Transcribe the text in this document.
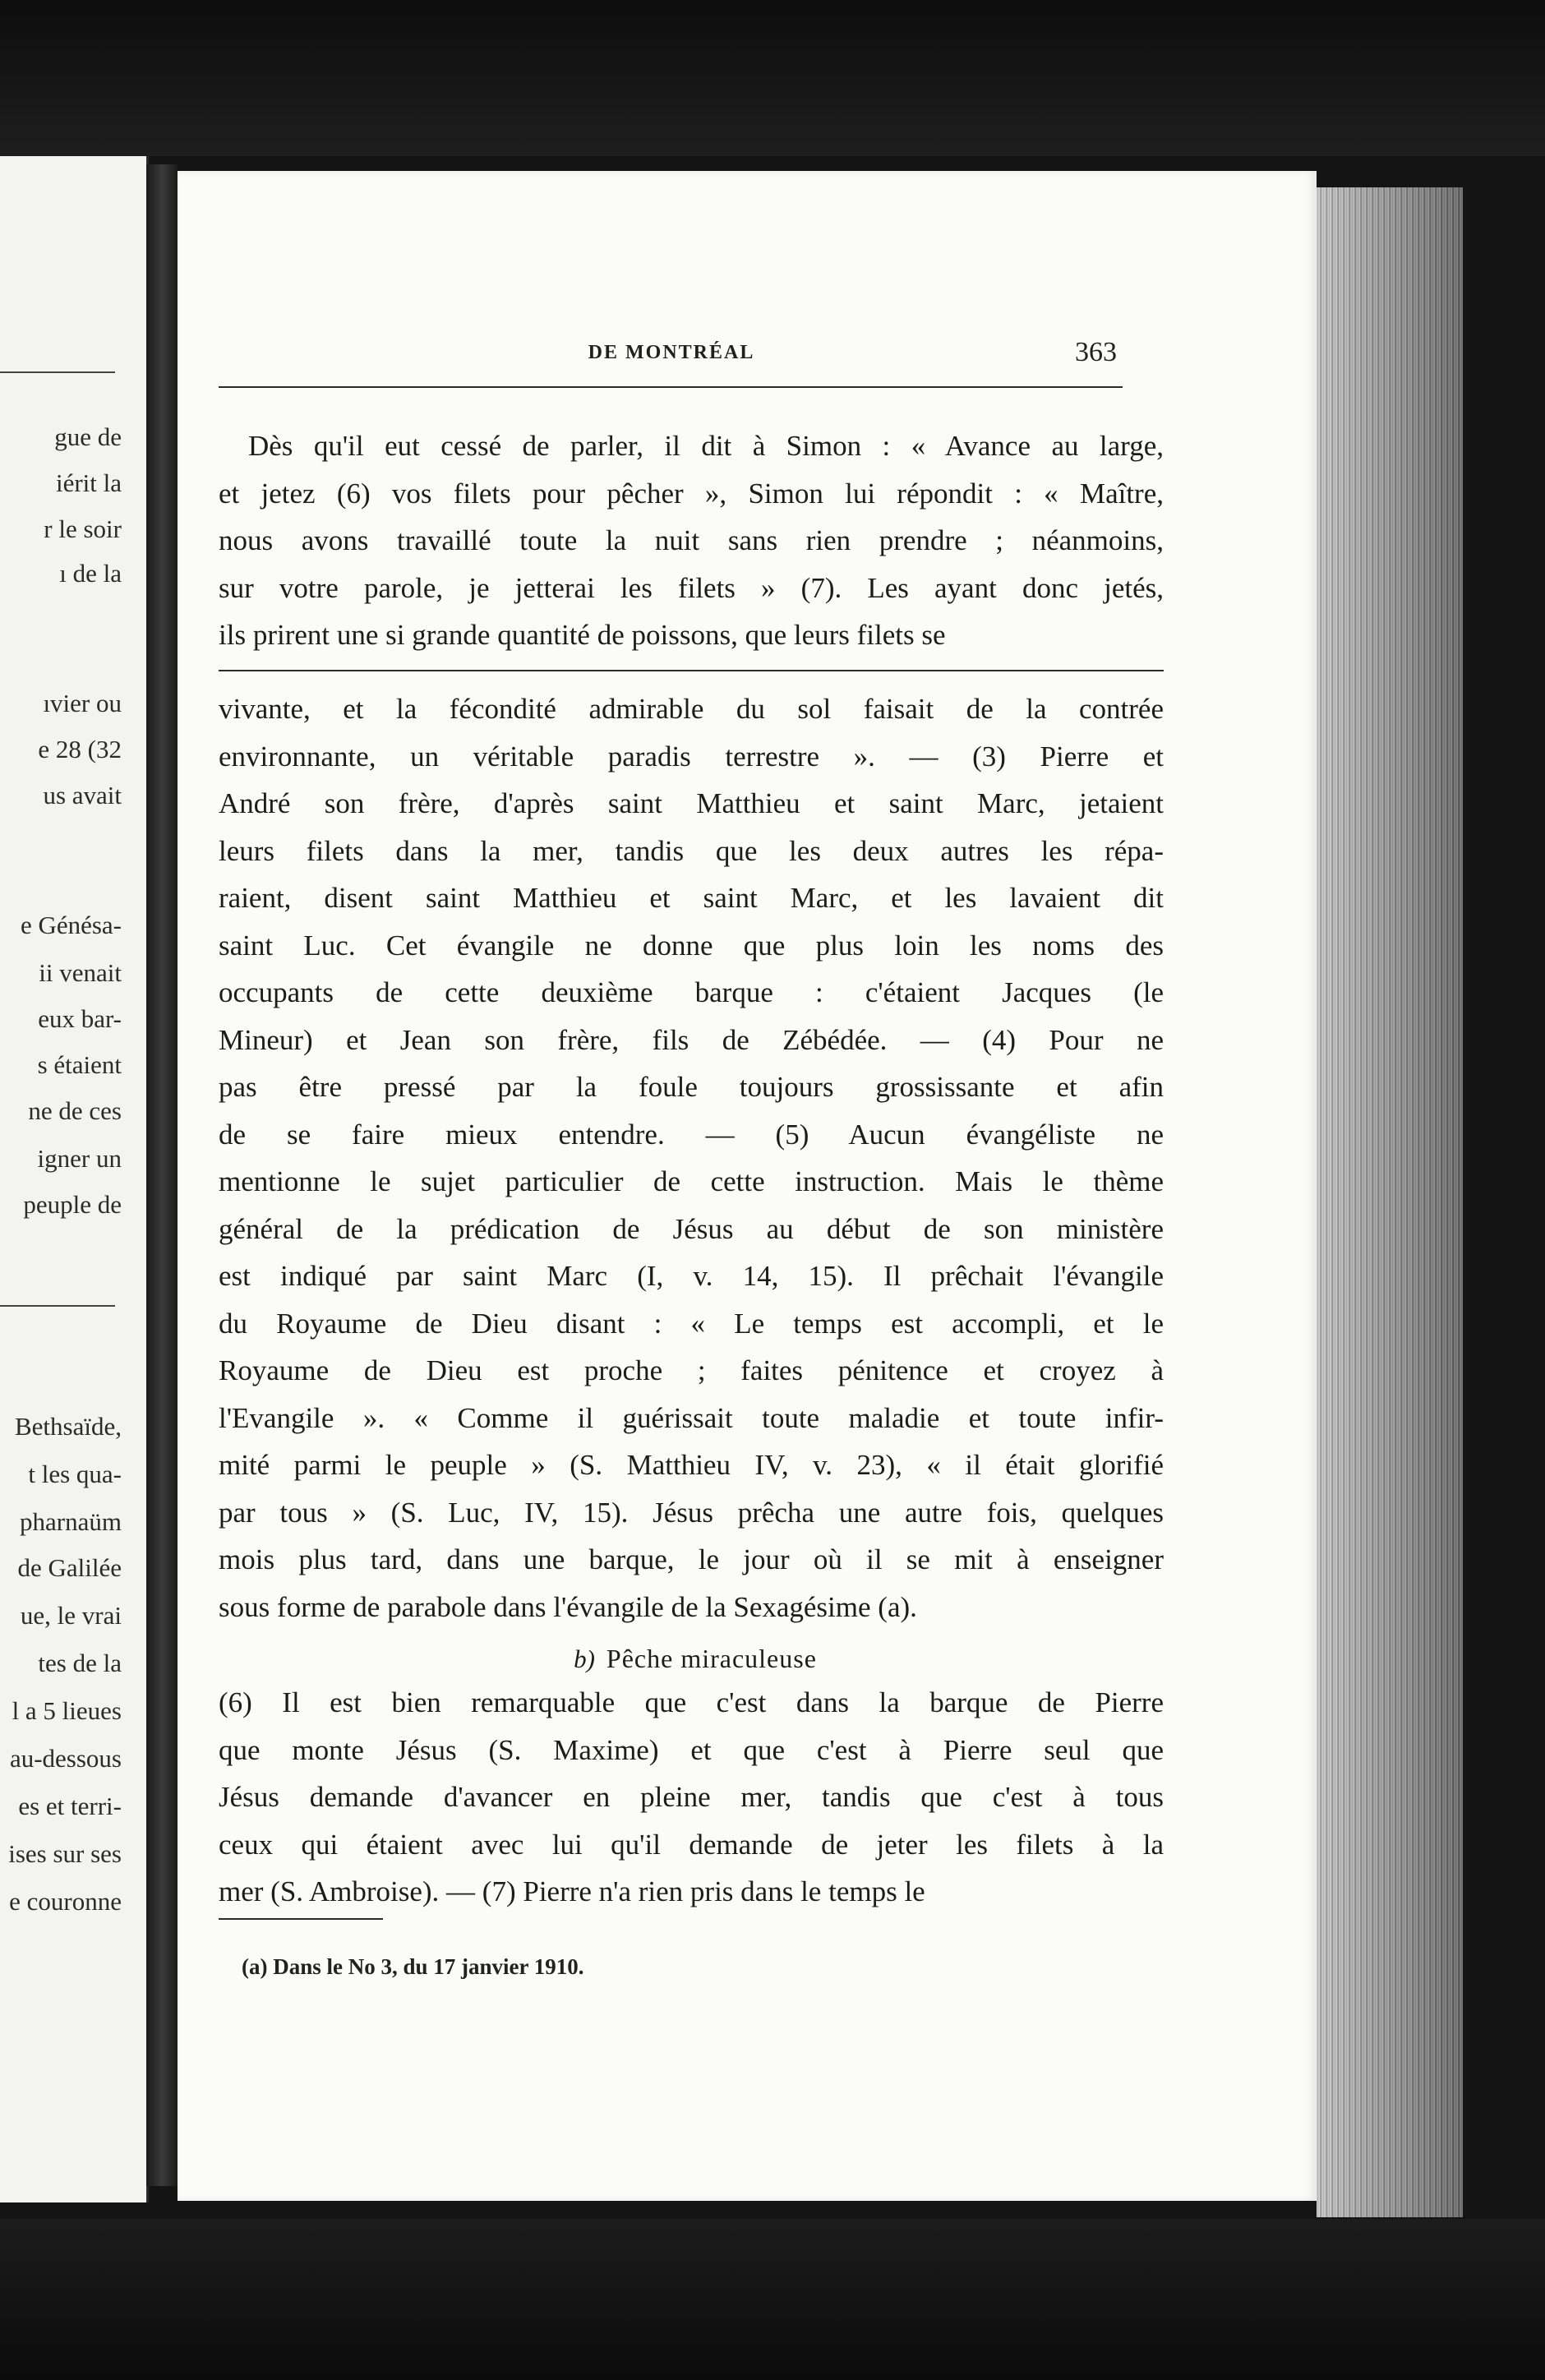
gue de
iérit la
r le soir
ı de la
ıvier ou
e 28 (32
us avait
e Génésa-
ii venait
eux bar-
s étaient
ne de ces
igner un
peuple de
Bethsaïde,
t les qua-
pharnaüm
de Galilée
ue, le vrai
tes de la
l a 5 lieues
au-dessous
es et terri-
ises sur ses
e couronne
DE MONTRÉAL	363
Dès qu'il eut cessé de parler, il dit à Simon : « Avance au large,
et jetez (6) vos filets pour pêcher », Simon lui répondit : « Maître,
nous avons travaillé toute la nuit sans rien prendre ; néanmoins,
sur votre parole, je jetterai les filets » (7). Les ayant donc jetés,
ils prirent une si grande quantité de poissons, que leurs filets se
vivante, et la fécondité admirable du sol faisait de la contrée
environnante, un véritable paradis terrestre ». — (3) Pierre et
André son frère, d'après saint Matthieu et saint Marc, jetaient
leurs filets dans la mer, tandis que les deux autres les répa-
raient, disent saint Matthieu et saint Marc, et les lavaient dit
saint Luc. Cet évangile ne donne que plus loin les noms des
occupants de cette deuxième barque : c'étaient Jacques (le
Mineur) et Jean son frère, fils de Zébédée. — (4) Pour ne
pas être pressé par la foule toujours grossissante et afin
de se faire mieux entendre. — (5) Aucun évangéliste ne
mentionne le sujet particulier de cette instruction. Mais le thème
général de la prédication de Jésus au début de son ministère
est indiqué par saint Marc (I, v. 14, 15). Il prêchait l'évangile
du Royaume de Dieu disant : « Le temps est accompli, et le
Royaume de Dieu est proche ; faites pénitence et croyez à
l'Evangile ». « Comme il guérissait toute maladie et toute infir-
mité parmi le peuple » (S. Matthieu IV, v. 23), « il était glorifié
par tous » (S. Luc, IV, 15). Jésus prêcha une autre fois, quelques
mois plus tard, dans une barque, le jour où il se mit à enseigner
sous forme de parabole dans l'évangile de la Sexagésime (a).
b) Pêche miraculeuse
(6) Il est bien remarquable que c'est dans la barque de Pierre
que monte Jésus (S. Maxime) et que c'est à Pierre seul que
Jésus demande d'avancer en pleine mer, tandis que c'est à tous
ceux qui étaient avec lui qu'il demande de jeter les filets à la
mer (S. Ambroise). — (7) Pierre n'a rien pris dans le temps le
(a) Dans le No 3, du 17 janvier 1910.
